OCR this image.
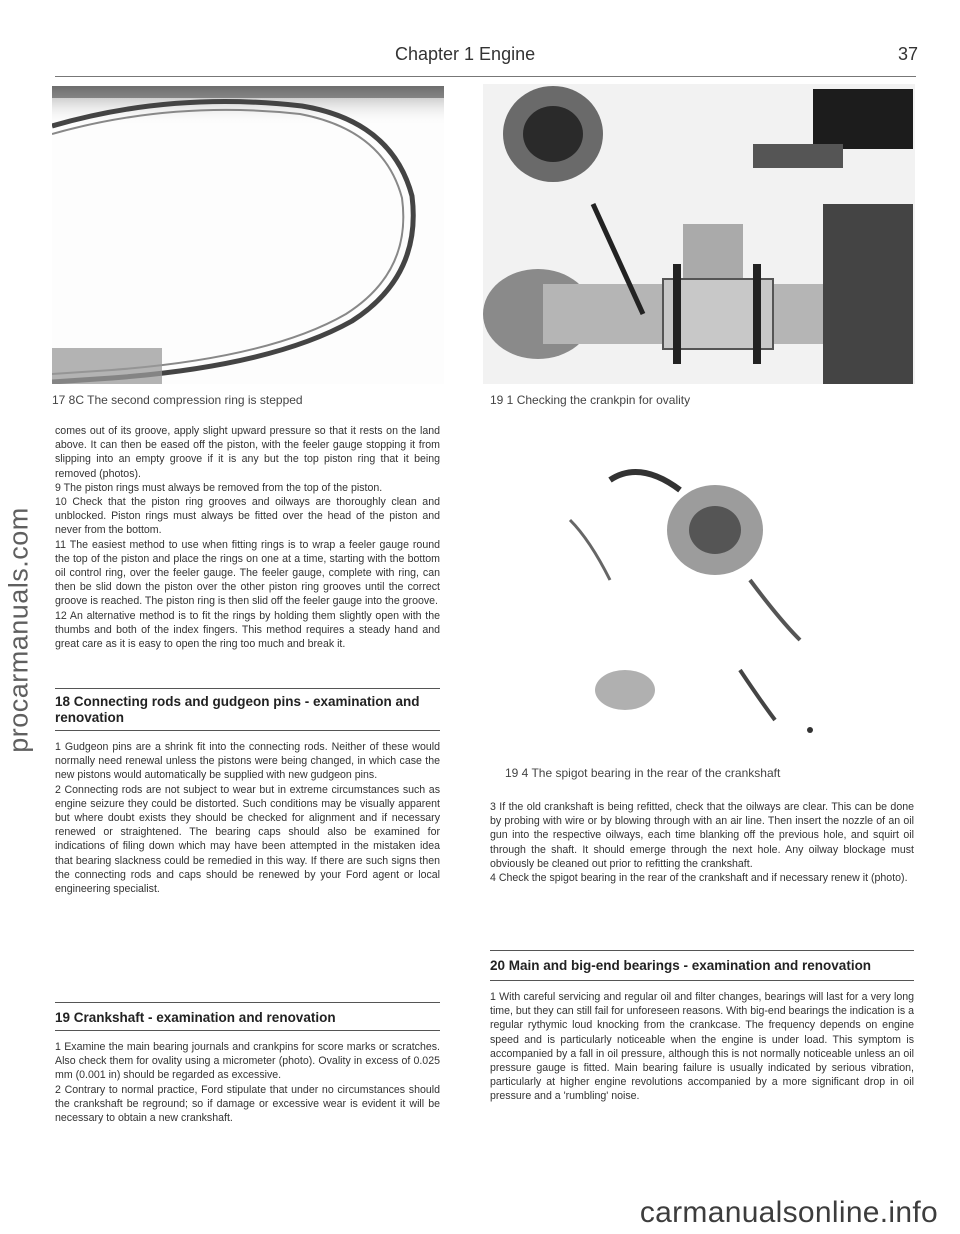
procarmanuals.com
Chapter 1 Engine	37
17 8C The second compression ring is stepped	19 1 Checking the crankpin for ovality
19 4 The spigot bearing in the rear of the crankshaft

comes out of its groove, apply slight upward pressure so that it rests on the land above. It can then be eased off the piston, with the feeler gauge stopping it from slipping into an empty groove if it is any but the top piston ring that it being removed (photos).

9 The piston rings must always be removed from the top of the piston.

10 Check that the piston ring grooves and oilways are thoroughly clean and unblocked. Piston rings must always be fitted over the head of the piston and never from the bottom.

11 The easiest method to use when fitting rings is to wrap a feeler gauge round the top of the piston and place the rings on one at a time, starting with the bottom oil control ring, over the feeler gauge. The feeler gauge, complete with ring, can then be slid down the piston over the other piston ring grooves until the correct groove is reached. The piston ring is then slid off the feeler gauge into the groove.

12 An alternative method is to fit the rings by holding them slightly open with the thumbs and both of the index fingers. This method requires a steady hand and great care as it is easy to open the ring too much and break it.

18 Connecting rods and gudgeon pins - examination and renovation

1 Gudgeon pins are a shrink fit into the connecting rods. Neither of these would normally need renewal unless the pistons were being changed, in which case the new pistons would automatically be supplied with new gudgeon pins.

2 Connecting rods are not subject to wear but in extreme circumstances such as engine seizure they could be distorted. Such conditions may be visually apparent but where doubt exists they should be checked for alignment and if necessary renewed or straightened. The bearing caps should also be examined for indications of filing down which may have been attempted in the mistaken idea that bearing slackness could be remedied in this way. If there are such signs then the connecting rods and caps should be renewed by your Ford agent or local engineering specialist.

19 Crankshaft - examination and renovation

1 Examine the main bearing journals and crankpins for score marks or scratches. Also check them for ovality using a micrometer (photo). Ovality in excess of 0.025 mm (0.001 in) should be regarded as excessive.

2 Contrary to normal practice, Ford stipulate that under no circumstances should the crankshaft be reground; so if damage or excessive wear is evident it will be necessary to obtain a new crankshaft.

3 If the old crankshaft is being refitted, check that the oilways are clear. This can be done by probing with wire or by blowing through with an air line. Then insert the nozzle of an oil gun into the respective oilways, each time blanking off the previous hole, and squirt oil through the shaft. It should emerge through the next hole. Any oilway blockage must obviously be cleaned out prior to refitting the crankshaft.

4 Check the spigot bearing in the rear of the crankshaft and if necessary renew it (photo).

20 Main and big-end bearings - examination and renovation

1 With careful servicing and regular oil and filter changes, bearings will last for a very long time, but they can still fail for unforeseen reasons. With big-end bearings the indication is a regular rythymic loud knocking from the crankcase. The frequency depends on engine speed and is particularly noticeable when the engine is under load. This symptom is accompanied by a fall in oil pressure, although this is not normally noticeable unless an oil pressure gauge is fitted. Main bearing failure is usually indicated by serious vibration, particularly at higher engine revolutions accompanied by a more significant drop in oil pressure and a 'rumbling' noise.

carmanualsonline.info
